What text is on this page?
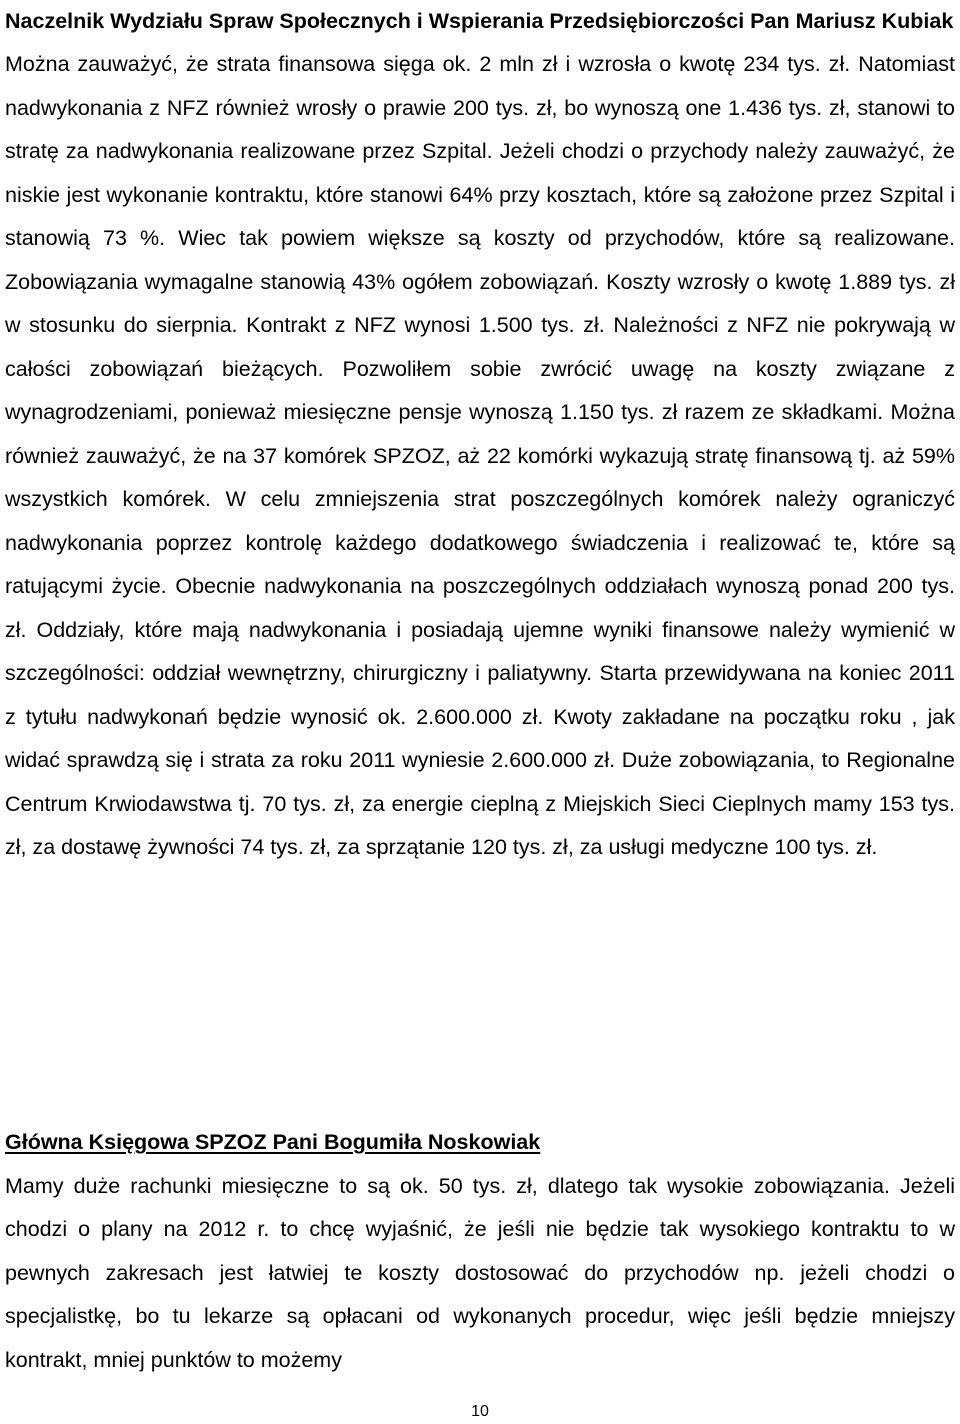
Naczelnik Wydziału Spraw Społecznych i Wspierania Przedsiębiorczości Pan Mariusz Kubiak

Można zauważyć, że strata finansowa sięga ok. 2 mln zł i wzrosła o kwotę 234 tys. zł. Natomiast nadwykonania z NFZ również wrosły o prawie 200 tys. zł, bo wynoszą one 1.436 tys. zł, stanowi to stratę za nadwykonania realizowane przez Szpital. Jeżeli chodzi o przychody należy zauważyć, że niskie jest wykonanie kontraktu, które stanowi 64% przy kosztach, które są założone przez Szpital i stanowią 73 %. Wiec tak powiem większe są koszty od przychodów, które są realizowane. Zobowiązania wymagalne stanowią 43% ogółem zobowiązań. Koszty wzrosły o kwotę 1.889 tys. zł w stosunku do sierpnia. Kontrakt z NFZ wynosi 1.500 tys. zł. Należności z NFZ nie pokrywają w całości zobowiązań bieżących. Pozwoliłem sobie zwrócić uwagę na koszty związane z wynagrodzeniami, ponieważ miesięczne pensje wynoszą 1.150 tys. zł razem ze składkami. Można również zauważyć, że na 37 komórek SPZOZ, aż 22 komórki wykazują stratę finansową tj. aż 59% wszystkich komórek. W celu zmniejszenia strat poszczególnych komórek należy ograniczyć nadwykonania poprzez kontrolę każdego dodatkowego świadczenia i realizować te, które są ratującymi życie. Obecnie nadwykonania na poszczególnych oddziałach wynoszą ponad 200 tys. zł. Oddziały, które mają nadwykonania i posiadają ujemne wyniki finansowe należy wymienić w szczególności: oddział wewnętrzny, chirurgiczny i paliatywny. Starta przewidywana na koniec 2011 z tytułu nadwykonań będzie wynosić ok. 2.600.000 zł. Kwoty zakładane na początku roku , jak widać sprawdzą się i strata za roku 2011 wyniesie 2.600.000 zł. Duże zobowiązania, to Regionalne Centrum Krwiodawstwa tj. 70 tys. zł, za energie cieplną z Miejskich Sieci Cieplnych mamy 153 tys. zł, za dostawę żywności 74 tys. zł, za sprzątanie 120 tys. zł, za usługi medyczne 100 tys. zł.

Główna Księgowa SPZOZ Pani Bogumiła Noskowiak

Mamy duże rachunki miesięczne to są ok. 50 tys. zł, dlatego tak wysokie zobowiązania. Jeżeli chodzi o plany na 2012 r. to chcę wyjaśnić, że jeśli nie będzie tak wysokiego kontraktu to w pewnych zakresach jest łatwiej te koszty dostosować do przychodów np. jeżeli chodzi o specjalistkę, bo tu lekarze są opłacani od wykonanych procedur, więc jeśli będzie mniejszy kontrakt, mniej punktów to możemy

10
